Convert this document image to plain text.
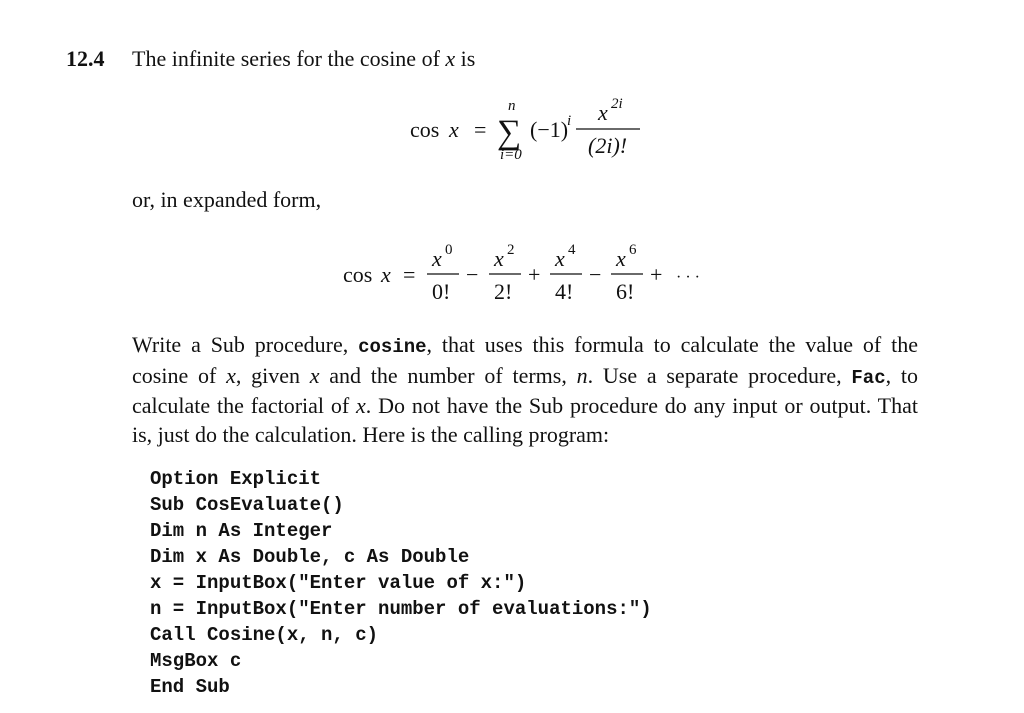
12.4 The infinite series for the cosine of x is
cos x =
n
∑
i=0
(−1)
i x 2i
(2i)!
cos x =
x 0
0!
−
x 2
2!
+
x 4
4!
−
x 6
6!
+ · · ·
or, in expanded form,
Write a Sub procedure, cosine, that uses this formula to calculate the value of the cosine of x, given x and the number of terms, n. Use a separate procedure, Fac, to calculate the factorial of x. Do not have the Sub procedure do any input or output. That is, just do the calculation. Here is the calling program:
Option Explicit
Sub CosEvaluate()
Dim n As Integer
Dim x As Double, c As Double
x = InputBox("Enter value of x:")
n = InputBox("Enter number of evaluations:")
Call Cosine(x, n, c)
MsgBox c
End Sub
